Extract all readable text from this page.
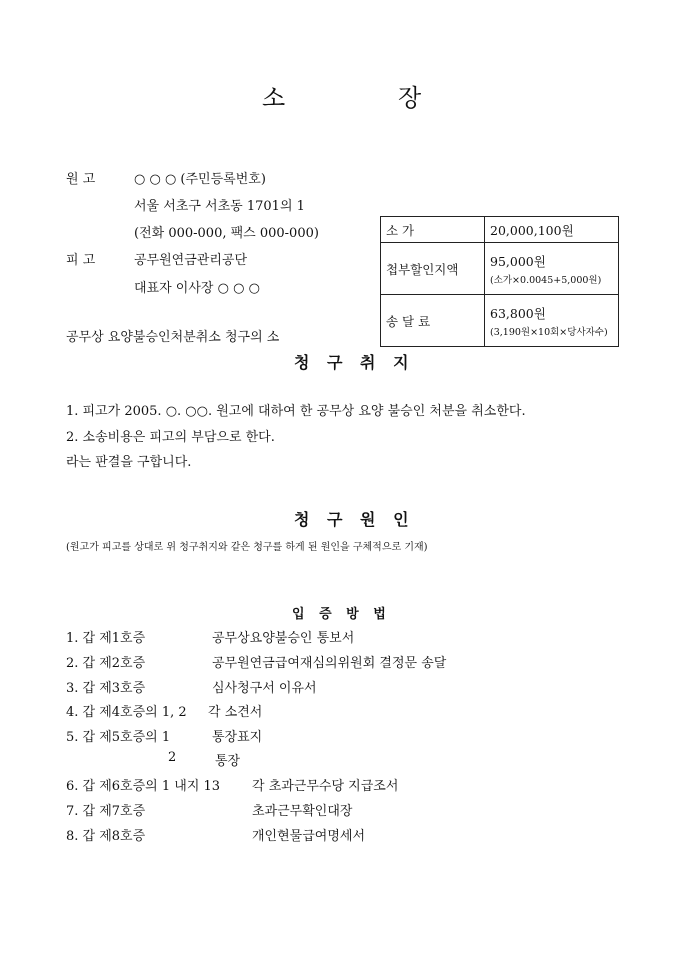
소	장
원 고	○ ○ ○ (주민등록번호)
서울 서초구 서초동 1701의 1
(전화 000-000, 팩스 000-000)
피 고	공무원연금관리공단
대표자 이사장 ○ ○ ○
공무상 요양불승인처분취소 청구의 소
소 가	20,000,100원
첩부할인지액	95,000원
(소가×0.0045+5,000원)

송 달 료	63,800원
(3,190원×10회×당사자수)
청 구 취 지
1. 피고가 2005. ○. ○○. 원고에 대하여 한 공무상 요양 불승인 처분을 취소한다.
2. 소송비용은 피고의 부담으로 한다.
라는 판결을 구합니다.
청 구 원 인
(원고가 피고를 상대로 위 청구취지와 같은 청구를 하게 된 원인을 구체적으로 기재)
입 증 방 법
1. 갑 제1호증	공무상요양불승인 통보서
2. 갑 제2호증	공무원연금급여재심의위원회 결정문 송달
3. 갑 제3호증	심사청구서 이유서
4. 갑 제4호증의 1, 2 각 소견서
5. 갑 제5호증의 1	통장표지
2	통장
6. 갑 제6호증의 1 내지 13 각 초과근무수당 지급조서
7. 갑 제7호증	초과근무확인대장
8. 갑 제8호증	개인현물급여명세서
